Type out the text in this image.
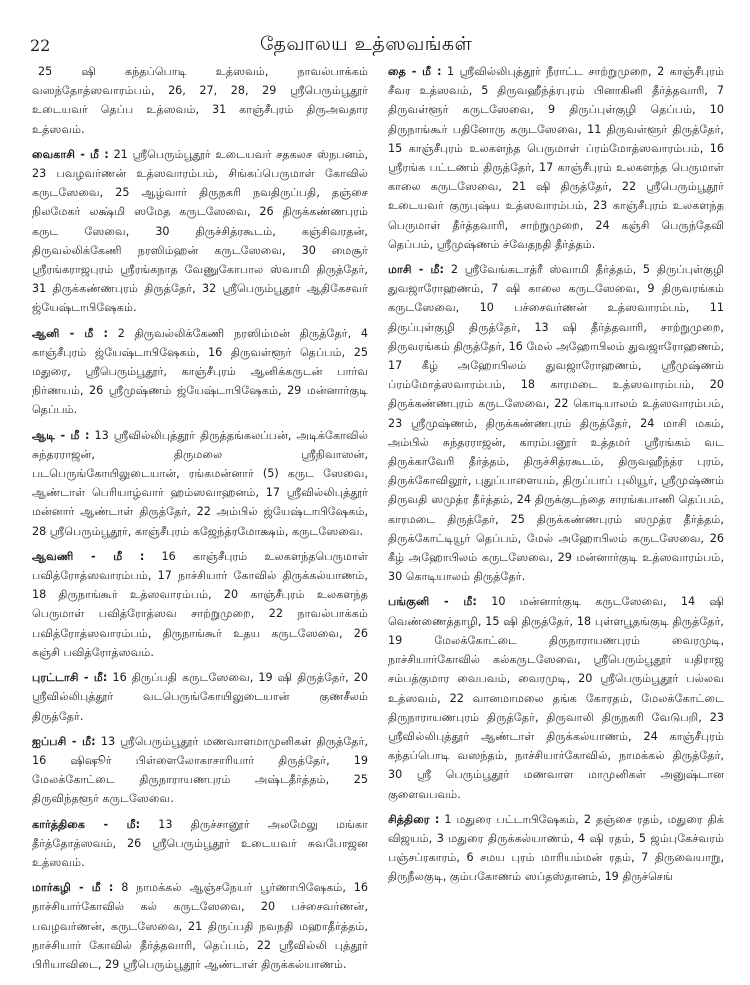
22	தேவாலய உத்ஸவங்கள்

25 ஷி கந்தப்பொடி உத்ஸவம், நாவல்பாக்கம் வஸந்தோத்ஸவாரம்பம், 26, 27, 28, 29 ஸ்ரீபெரும்பூதூர் உடையவர் தெப்ப உத்ஸவம், 31 காஞ்சீபுரம் திருஅவதார உத்ஸவம்.

வைகாசி - மீ : 21 ஸ்ரீபெரும்பூதூர் உடையவர் சதகலச ஸ்நபனம், 23 பவழவர்ணன் உத்ஸவாரம்பம், சிங்கப்பெருமாள் கோவில் கருடஸேவை, 25 ஆழ்வார் திருநகரி நவதிருப்பதி, தஞ்சை நிலமேகர் லக்ஷ்மி ஸமேத கருடஸேவை, 26 திருக்கண்ணபுரம் கருட ஸேவை, 30 திருச்சித்ரகூடம், கஞ்சிவரதன், திருவல்லிக்கேணி நரஸிம்ஹன் கருடஸேவை, 30 மைசூர் ஸ்ரீரங்கராஜபுரம் ஸ்ரீரங்கநாத வேணுகோபால ஸ்வாமி திருத்தேர், 31 திருக்கண்ணபுரம் திருத்தேர், 32 ஸ்ரீபெரும்பூதூர் ஆதிகேசவர் ஜ்யேஷ்டாபிஷேகம்.

ஆனி - மீ : 2 திருவல்லிக்கேணி நரஸிம்மன் திருத்தேர், 4 காஞ்சீபுரம் ஜ்யேஷ்டாபிஷேகம், 16 திருவள்ளூர் தெப்பம், 25 மதுரை, ஸ்ரீபெரும்பூதூர், காஞ்சீபுரம் ஆனிக்கருடன் பார்வ நிர்ணயம், 26 ஸ்ரீமுஷ்ணம் ஜ்யேஷ்டாபிஷேகம், 29 மன்னார்குடி தெப்பம்.

ஆடி - மீ : 13 ஸ்ரீவில்லிபுத்தூர் திருத்தங்கலப்பன், அடிக்கோவில் சுந்தரராஜன், திருமலை ஸ்ரீநிவாஸன், படபெருங்கோயிலுடையான், ரங்கமன்னார் (5) கருட ஸேவை, ஆண்டாள் பெரியாழ்வார் ஹம்ஸவாஹனம், 17 ஸ்ரீவில்லிபுத்தூர் மன்னார் ஆண்டாள் திருத்தேர், 22 அம்பில் ஜ்யேஷ்டாபிஷேகம், 28 ஸ்ரீபெரும்பூதூர், காஞ்சீபுரம் கஜேந்த்ரமோக்ஷம், கருடஸேவை.

ஆவணி - மீ : 16 காஞ்சீபுரம் உலகளந்தபெருமாள் பவித்ரோத்ஸவாரம்பம், 17 நாச்சியார் கோவில் திருக்கல்யாணம், 18 திருநாங்கூர் உத்ஸவாரம்பம், 20 காஞ்சீபுரம் உலகளந்த பெருமாள் பவித்ரோத்ஸவ சாற்றுமுறை, 22 நாவல்பாக்கம் பவித்ரோத்ஸவாரம்பம், திருநாங்கூர் உதய கருடஸேவை, 26 கஞ்சி பவித்ரோத்ஸவம்.

புரட்டாசி - மீ: 16 திருப்பதி கருடஸேவை, 19 ஷி திருத்தேர், 20 ஸ்ரீவில்லிபுத்தூர் வடபெருங்கோயிலுடையான் குணசீலம் திருத்தேர்.

ஐப்பசி - மீ: 13 ஸ்ரீபெரும்பூதூர் மணவாளமாமுனிகள் திருத்தேர், 16 ஷிஷூர் பிள்ளைலோகாசாரியார் திருத்தேர், 19 மேலக்கோட்டை திருநாராயணபுரம் அஷ்டதீர்த்தம், 25 திருவிந்தளூர் கருடஸேவை.

கார்த்திகை - மீ: 13 திருச்சானூர் அலமேலு மங்கா தீர்த்தோத்ஸவம், 26 ஸ்ரீபெரும்பூதூர் உடையவர் சுவபோஜன உத்ஸவம்.

மார்கழி - மீ : 8 நாமக்கல் ஆஞ்சநேயர் பூர்ணாபிஷேகம், 16 நாச்சியார்கோவில் கல் கருடஸேவை, 20 பச்சைவர்ணன், பவழவர்ணன், கருடஸேவை, 21 திருப்பதி நவநதி மஹாதீர்த்தம், நாச்சியார் கோவில் தீர்த்தவாரி, தெப்பம், 22 ஸ்ரீவில்லி புத்தூர் பிரியாவிடை, 29 ஸ்ரீபெரும்பூதூர் ஆண்டாள் திருக்கல்யாணம்.

தை - மீ : 1 ஸ்ரீவில்லிபுத்தூர் நீராட்ட சாற்றுமுறை, 2 காஞ்சீபுரம் சீவர உத்ஸவம், 5 திருவஹீந்த்ரபுரம் பினாகினி தீர்த்தவாரி, 7 திருவள்ளூர் கருடஸேவை, 9 திருப்புள்குழி தெப்பம், 10 திருநாங்கூர் பதினோரு கருடஸேவை, 11 திருவள்ளூர் திருத்தேர், 15 காஞ்சீபுரம் உலகளந்த பெருமாள் ப்ரம்மோத்ஸவாரம்பம், 16 ஸ்ரீரங்க பட்டணம் திருத்தேர், 17 காஞ்சீபுரம் உலகளந்த பெருமாள் காலை கருடஸேவை, 21 ஷி திருத்தேர், 22 ஸ்ரீபெரும்பூதூர் உடையவர் குருபுஷ்ய உத்ஸவாரம்பம், 23 காஞ்சீபுரம் உலகளந்த பெருமாள் தீர்த்தவாரி, சாற்றுமுறை, 24 கஞ்சி பெருந்தேவி தெப்பம், ஸ்ரீமுஷ்ணம் ச்வேதநதி தீர்த்தம்.

மாசி - மீ: 2 ஸ்ரீவேங்கடாத்ரீ ஸ்வாமி தீர்த்தம், 5 திருப்புள்குழி துவஜாரோஹணம், 7 ஷி காலை கருடஸேவை, 9 திருவரங்கம் கருடஸேவை, 10 பச்சைவர்ணன் உத்ஸவாரம்பம், 11 திருப்புள்குழி திருத்தேர், 13 ஷி தீர்த்தவாரி, சாற்றுமுறை, திருவரங்கம் திருத்தேர், 16 மேல் அஹோபிலம் துவஜாரோஹணம், 17 கீழ் அஹோபிலம் துவஜாரோஹணம், ஸ்ரீமுஷ்ணம் ப்ரம்மோத்ஸவாரம்பம், 18 காரமடை உத்ஸவாரம்பம், 20 திருக்கண்ணபுரம் கருடஸேவை, 22 கொடியாலம் உத்ஸவாரம்பம், 23 ஸ்ரீமுஷ்ணம், திருக்கண்ணபுரம் திருத்தேர், 24 மாசி மகம், அம்பில் சுந்தரராஜன், காரம்பனூர் உத்தமர் ஸ்ரீரங்கம் வட திருக்காவேரி தீர்த்தம், திருச்சித்ரகூடம், திருவஹீந்த்ர புரம், திருக்கோவிலூர், புதுப்பாளையம், திருப்பாப் புலியூர், ஸ்ரீமுஷ்ணம் திருவதி ஸமுத்ர தீர்த்தம், 24 திருக்குடந்தை சாரங்கபாணி தெப்பம், காரமடை திருத்தேர், 25 திருக்கண்ணபுரம் ஸமுத்ர தீர்த்தம், திருக்கோட்டியூர் தெப்பம், மேல் அஹோபிலம் கருடஸேவை, 26 கீழ் அஹோபிலம் கருடஸேவை, 29 மன்னார்குடி உத்ஸவாரம்பம், 30 கொடியாலம் திருத்தேர்.

பங்குனி - மீ: 10 மன்னார்குடி கருடஸேவை, 14 ஷி வெண்ணைத்தாழி, 15 ஷி திருத்தேர், 18 புள்ளபூதங்குடி திருத்தேர், 19 மேலக்கோட்டை திருநாராயணபுரம் வைரமுடி, நாச்சியார்கோவில் கல்கருடஸேவை, ஸ்ரீபெரும்பூதூர் யதிராஜ சம்பத்குமார வைபவம், வைரமுடி, 20 ஸ்ரீபெரும்பூதூர் பல்லவ உத்ஸவம், 22 வானமாமலை தங்க கோரதம், மேலக்கோட்டை திருநாராயணபுரம் திருத்தேர், திருவாலி திருநகரி வேடுபறி, 23 ஸ்ரீவில்லிபுத்தூர் ஆண்டாள் திருக்கல்யாணம், 24 காஞ்சீபுரம் கந்தப்பொடி வஸந்தம், நாச்சியார்கோவில், நாமக்கல் திருத்தேர், 30 ஸ்ரீ பெரும்பூதூர் மணவாள மாமுனிகள் அனுஷ்டான குளைவபவம்.

சித்திரை : 1 மதுரை பட்டாபிஷேகம், 2 தஞ்சை ரதம், மதுரை திக் விஜயம், 3 மதுரை திருக்கல்யாணம், 4 ஷி ரதம், 5 ஜம்புகேச்வரம் பஞ்சப்ரகாரம், 6 சமய புரம் மாரியம்மன் ரதம், 7 திருவையாறு, திருநீலகுடி, கும்பகோணம் ஸப்தஸ்தானம், 19 திருச்செங்
